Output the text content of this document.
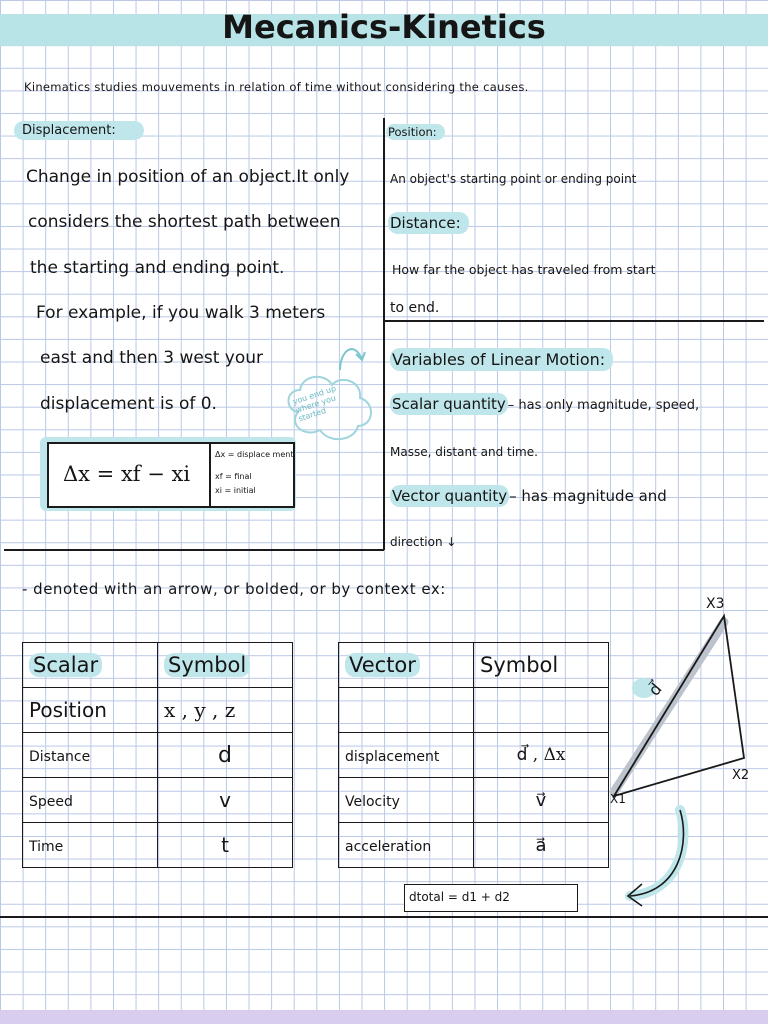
Mecanics-Kinetics
Kinematics studies mouvements in relation of time without considering the causes.
Displacement:
Change in position of an object.It only
considers the shortest path between
the starting and ending point.
For example, if you walk 3 meters
east and then 3 west your
displacement is of 0.	you end up where you started
Δx = xf − xi
Δx = displace ment
xf = final
xi = initial
Position:
An object's starting point or ending point
Distance:
How far the object has traveled from start
to end.
Variables of Linear Motion:
Scalar quantity – has only magnitude, speed,
Masse, distant and time.
Vector quantity – has magnitude and
direction ↓
- denoted with an arrow, or bolded, or by context ex:
Scalar	Symbol
Position	x , y , z
Distance	d
Speed	v
Time	t
Vector	Symbol

displacement	d⃗ , Δx
Velocity	v⃗
acceleration	a⃗
X3
X2
X1
d⃗
dtotal = d1 + d2
